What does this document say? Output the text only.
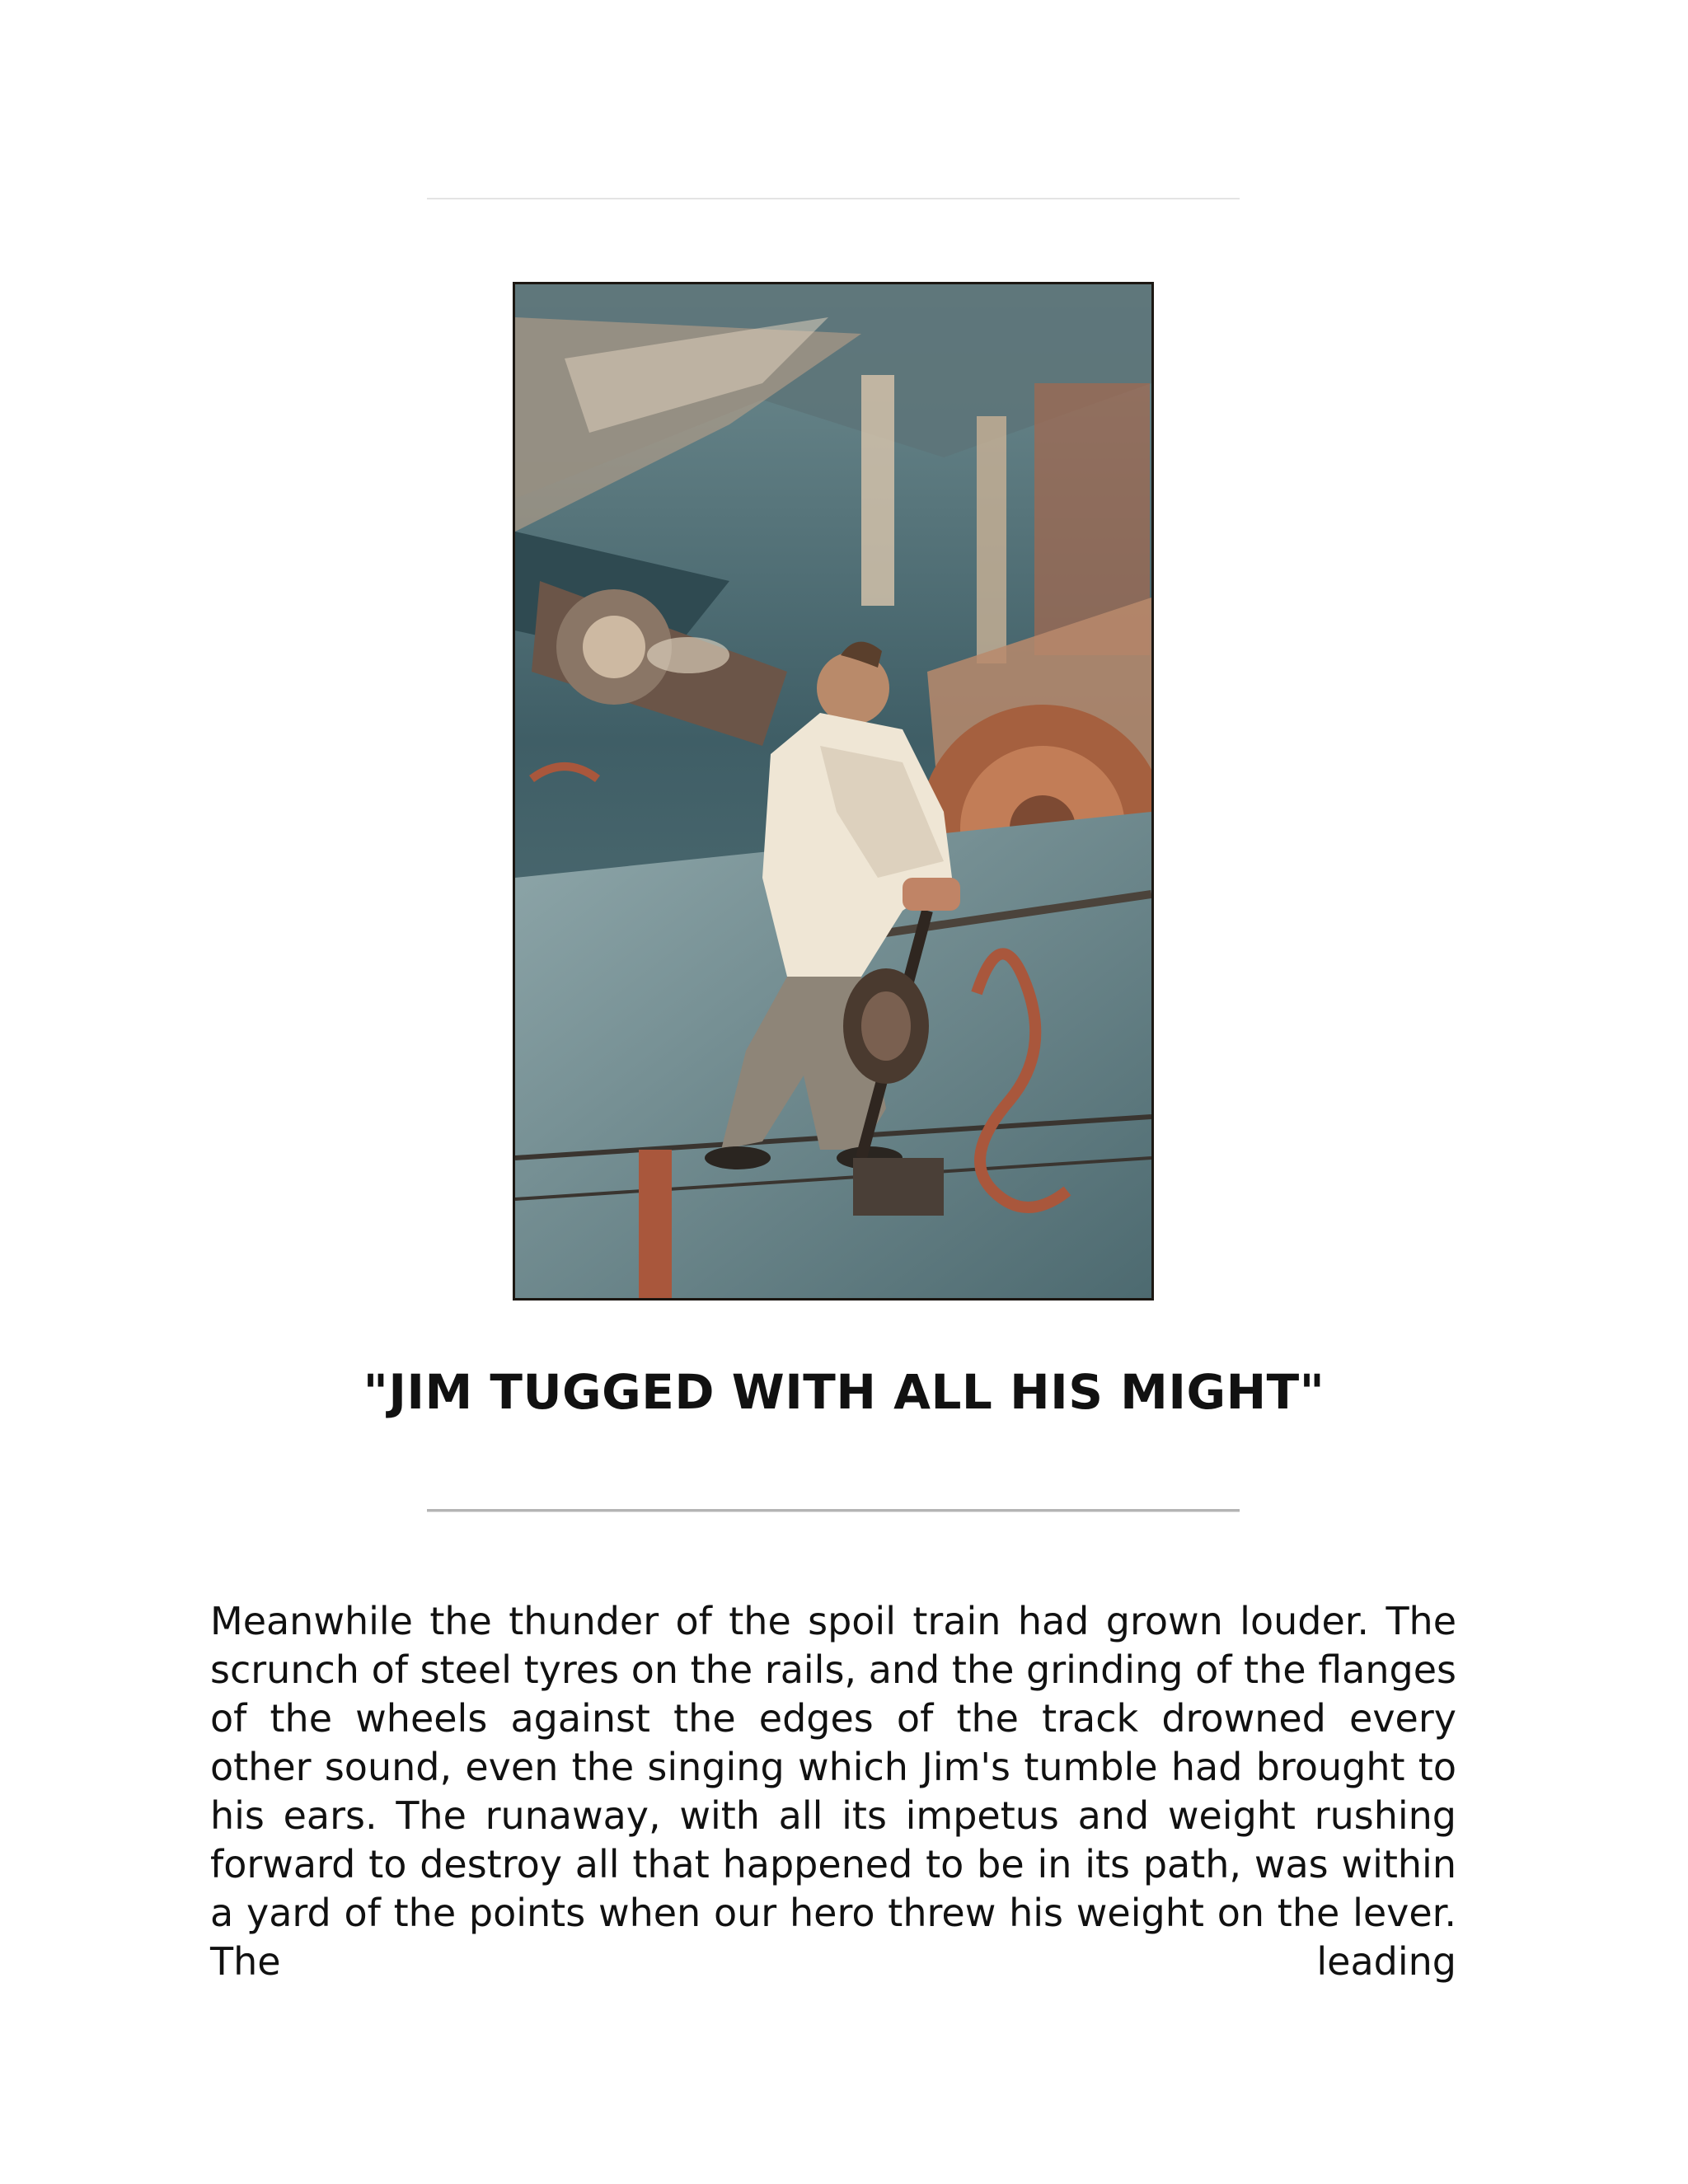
"JIM TUGGED WITH ALL HIS MIGHT"

Meanwhile the thunder of the spoil train had grown louder. The scrunch of steel tyres on the rails, and the grinding of the flanges of the wheels against the edges of the track drowned every other sound, even the singing which Jim's tumble had brought to his ears. The runaway, with all its impetus and weight rushing forward to destroy all that happened to be in its path, was within a yard of the points when our hero threw his weight on the lever. The leading
